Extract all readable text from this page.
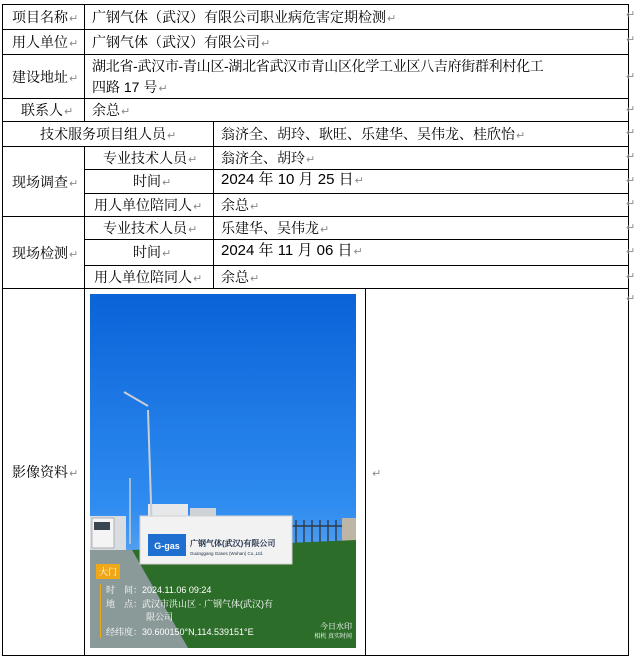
项目名称↵ 广钢气体（武汉）有限公司职业病危害定期检测↵
用人单位↵ 广钢气体（武汉）有限公司↵
建设地址↵
湖北省-武汉市-青山区-湖北省武汉市青山区化学工业区八吉府街群利村化工
四路 17 号↵
联系人↵ 余总↵
技术服务项目组人员↵	翁济全、胡玲、耿旺、乐建华、吴伟龙、桂欣怡↵
现场调查↵
专业技术人员↵ 翁济全、胡玲↵
时间↵	2024 年 10 月 25 日↵
用人单位陪同人↵ 余总↵
现场检测↵
专业技术人员↵ 乐建华、吴伟龙↵
时间↵	2024 年 11 月 06 日↵
用人单位陪同人↵ 余总↵
影像资料↵	↵
↵
↵
↵
↵
↵
↵
↵
↵
↵
↵
↵
↵
G-gas 广钢气体(武汉)有限公司
Guanggang Gases (Wuhan) Co.,Ltd.
大门
时　间：2024.11.06 09:24
地　点：武汉市洪山区 · 广钢气体(武汉)有
限公司
经纬度：30.600150°N,114.539151°E
今日水印
相机 真实时间
